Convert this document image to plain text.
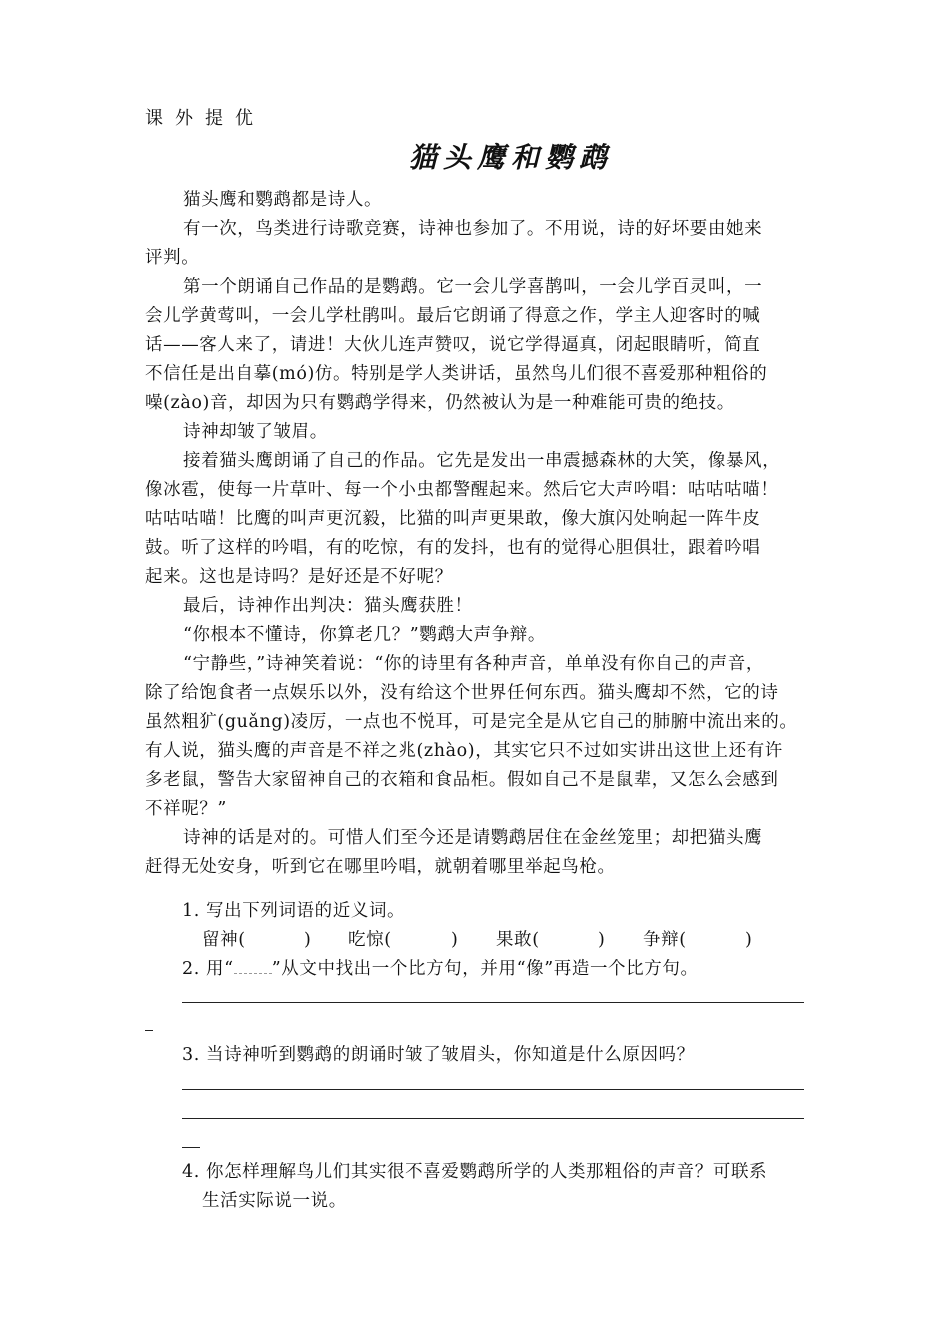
课外提优
猫头鹰和鹦鹉
猫头鹰和鹦鹉都是诗人。
有一次，鸟类进行诗歌竞赛，诗神也参加了。不用说，诗的好坏要由她来
评判。
第一个朗诵自己作品的是鹦鹉。它一会儿学喜鹊叫，一会儿学百灵叫，一
会儿学黄莺叫，一会儿学杜鹃叫。最后它朗诵了得意之作，学主人迎客时的喊
话——客人来了，请进！大伙儿连声赞叹，说它学得逼真，闭起眼睛听，简直
不信任是出自摹(mó)仿。特别是学人类讲话，虽然鸟儿们很不喜爱那种粗俗的
噪(zào)音，却因为只有鹦鹉学得来，仍然被认为是一种难能可贵的绝技。
诗神却皱了皱眉。
接着猫头鹰朗诵了自己的作品。它先是发出一串震撼森林的大笑，像暴风，
像冰雹，使每一片草叶、每一个小虫都警醒起来。然后它大声吟唱：咕咕咕喵！
咕咕咕喵！比鹰的叫声更沉毅，比猫的叫声更果敢，像大旗闪处响起一阵牛皮
鼓。听了这样的吟唱，有的吃惊，有的发抖，也有的觉得心胆俱壮，跟着吟唱
起来。这也是诗吗？是好还是不好呢？
最后，诗神作出判决：猫头鹰获胜！
“你根本不懂诗，你算老几？”鹦鹉大声争辩。
“宁静些，”诗神笑着说：“你的诗里有各种声音，单单没有你自己的声音，
除了给饱食者一点娱乐以外，没有给这个世界任何东西。猫头鹰却不然，它的诗
虽然粗犷(guǎng)凌厉，一点也不悦耳，可是完全是从它自己的肺腑中流出来的。
有人说，猫头鹰的声音是不祥之兆(zhào)，其实它只不过如实讲出这世上还有许
多老鼠，警告大家留神自己的衣箱和食品柜。假如自己不是鼠辈，又怎么会感到
不祥呢？”
诗神的话是对的。可惜人们至今还是请鹦鹉居住在金丝笼里；却把猫头鹰
赶得无处安身，听到它在哪里吟唱，就朝着哪里举起鸟枪。
1. 写出下列词语的近义词。
留神(	) 吃惊(	) 果敢(	) 争辩(	)
2. 用“ ”从文中找出一个比方句，并用“像”再造一个比方句。
3. 当诗神听到鹦鹉的朗诵时皱了皱眉头，你知道是什么原因吗？
4. 你怎样理解鸟儿们其实很不喜爱鹦鹉所学的人类那粗俗的声音？可联系
生活实际说一说。
